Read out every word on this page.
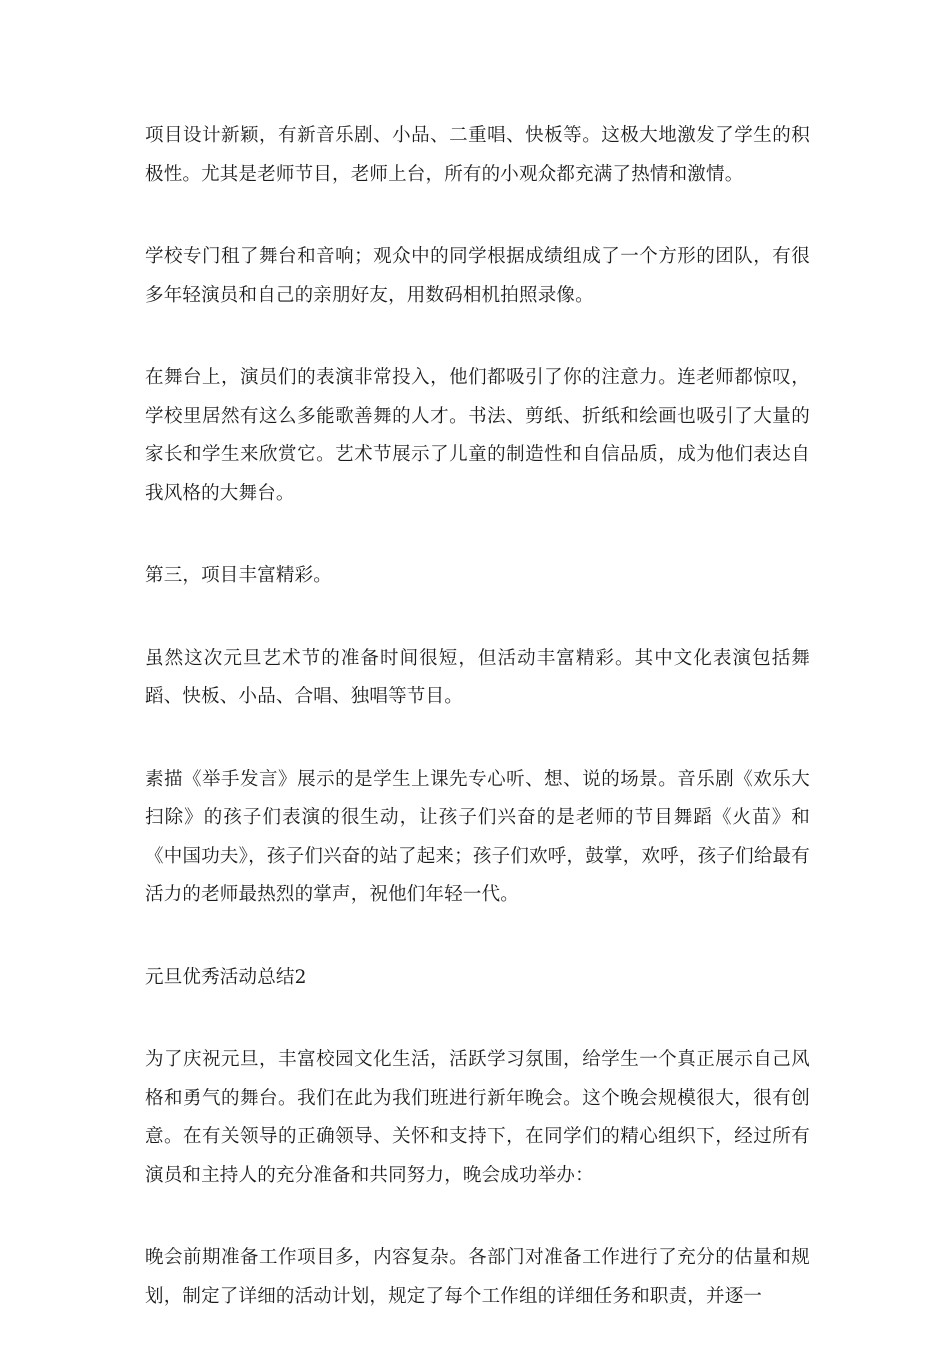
项目设计新颖，有新音乐剧、小品、二重唱、快板等。这极大地激发了学生的积极性。尤其是老师节目，老师上台，所有的小观众都充满了热情和激情。

学校专门租了舞台和音响；观众中的同学根据成绩组成了一个方形的团队，有很多年轻演员和自己的亲朋好友，用数码相机拍照录像。

在舞台上，演员们的表演非常投入，他们都吸引了你的注意力。连老师都惊叹，学校里居然有这么多能歌善舞的人才。书法、剪纸、折纸和绘画也吸引了大量的家长和学生来欣赏它。艺术节展示了儿童的制造性和自信品质，成为他们表达自我风格的大舞台。

第三，项目丰富精彩。

虽然这次元旦艺术节的准备时间很短，但活动丰富精彩。其中文化表演包括舞蹈、快板、小品、合唱、独唱等节目。

素描《举手发言》展示的是学生上课先专心听、想、说的场景。音乐剧《欢乐大扫除》的孩子们表演的很生动，让孩子们兴奋的是老师的节目舞蹈《火苗》和《中国功夫》，孩子们兴奋的站了起来；孩子们欢呼，鼓掌，欢呼，孩子们给最有活力的老师最热烈的掌声，祝他们年轻一代。

元旦优秀活动总结2

为了庆祝元旦，丰富校园文化生活，活跃学习氛围，给学生一个真正展示自己风格和勇气的舞台。我们在此为我们班进行新年晚会。这个晚会规模很大，很有创意。在有关领导的正确领导、关怀和支持下，在同学们的精心组织下，经过所有演员和主持人的充分准备和共同努力，晚会成功举办：

晚会前期准备工作项目多，内容复杂。各部门对准备工作进行了充分的估量和规划，制定了详细的活动计划，规定了每个工作组的详细任务和职责，并逐一
